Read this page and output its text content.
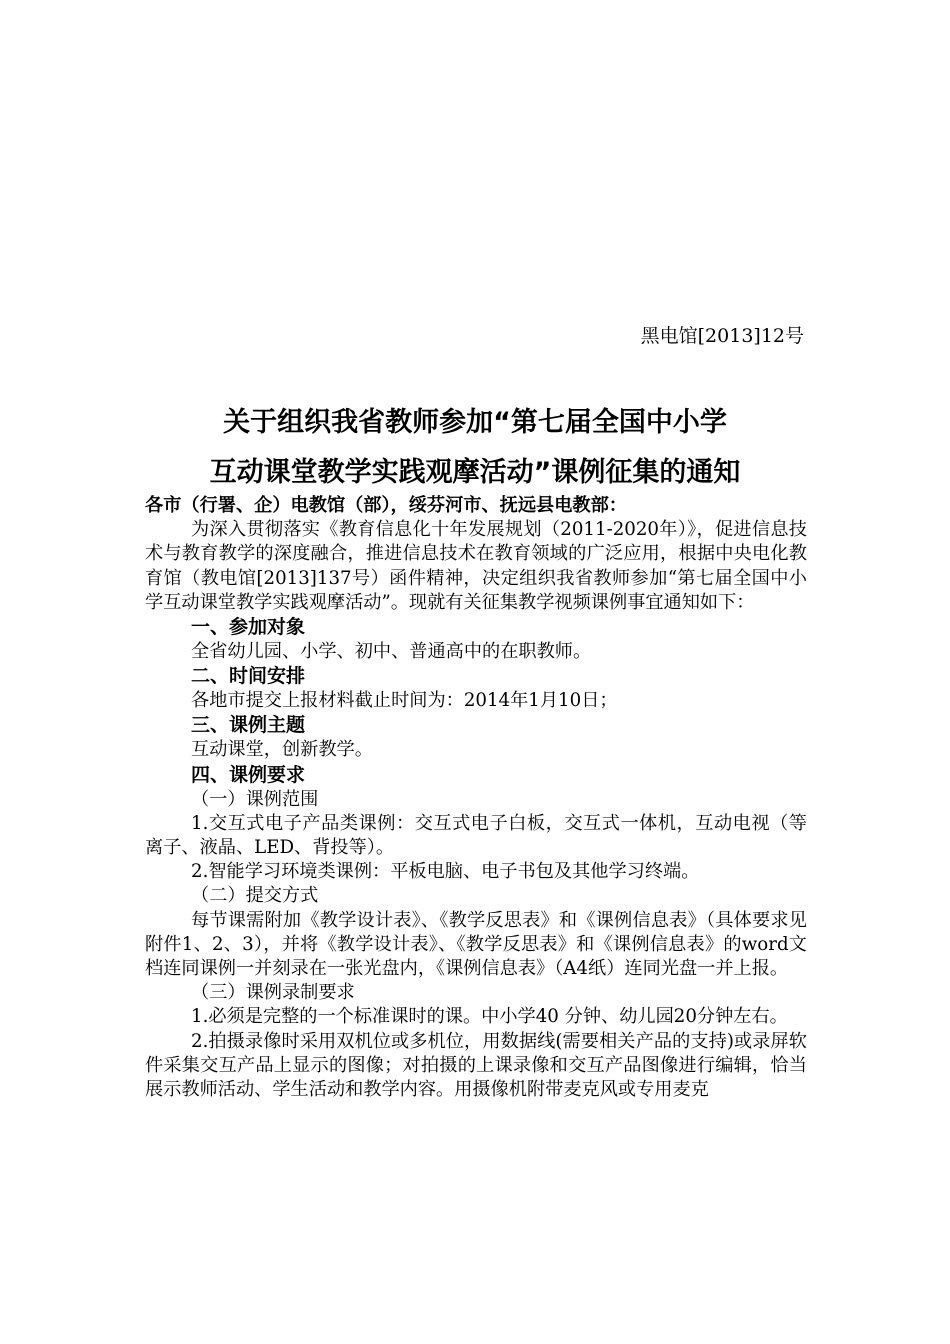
黑电馆[2013]12号
关于组织我省教师参加“第七届全国中小学
互动课堂教学实践观摩活动”课例征集的通知

各市（行署、企）电教馆（部），绥芬河市、抚远县电教部：

为深入贯彻落实《教育信息化十年发展规划（2011-2020年）》，促进信息技术与教育教学的深度融合，推进信息技术在教育领域的广泛应用，根据中央电化教育馆（教电馆[2013]137号）函件精神，决定组织我省教师参加“第七届全国中小学互动课堂教学实践观摩活动”。现就有关征集教学视频课例事宜通知如下：

一、参加对象

全省幼儿园、小学、初中、普通高中的在职教师。

二、时间安排

各地市提交上报材料截止时间为：2014年1月10日；

三、课例主题

互动课堂，创新教学。

四、课例要求

（一）课例范围

1.交互式电子产品类课例：交互式电子白板，交互式一体机，互动电视（等离子、液晶、LED、背投等）。

2.智能学习环境类课例：平板电脑、电子书包及其他学习终端。

（二）提交方式

每节课需附加《教学设计表》、《教学反思表》和《课例信息表》（具体要求见附件1、2、3），并将《教学设计表》、《教学反思表》和《课例信息表》的word文档连同课例一并刻录在一张光盘内，《课例信息表》（A4纸）连同光盘一并上报。

（三）课例录制要求

1.必须是完整的一个标准课时的课。中小学40 分钟、幼儿园20分钟左右。

2.拍摄录像时采用双机位或多机位，用数据线(需要相关产品的支持)或录屏软件采集交互产品上显示的图像；对拍摄的上课录像和交互产品图像进行编辑，恰当展示教师活动、学生活动和教学内容。用摄像机附带麦克风或专用麦克
